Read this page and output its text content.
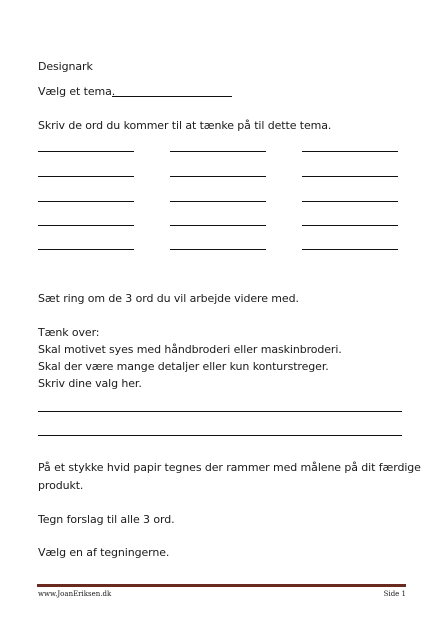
Designark
Vælg et tema.
Skriv de ord du kommer til at tænke på til dette tema.
Sæt ring om de 3 ord du vil arbejde videre med.
Tænk over:
Skal motivet syes med håndbroderi eller maskinbroderi.
Skal der være mange detaljer eller kun konturstreger.
Skriv dine valg her.
På et stykke hvid papir tegnes der rammer med målene på dit færdige
produkt.
Tegn forslag til alle 3 ord.
Vælg en af tegningerne.
www.JoanEriksen.dk	Side 1
